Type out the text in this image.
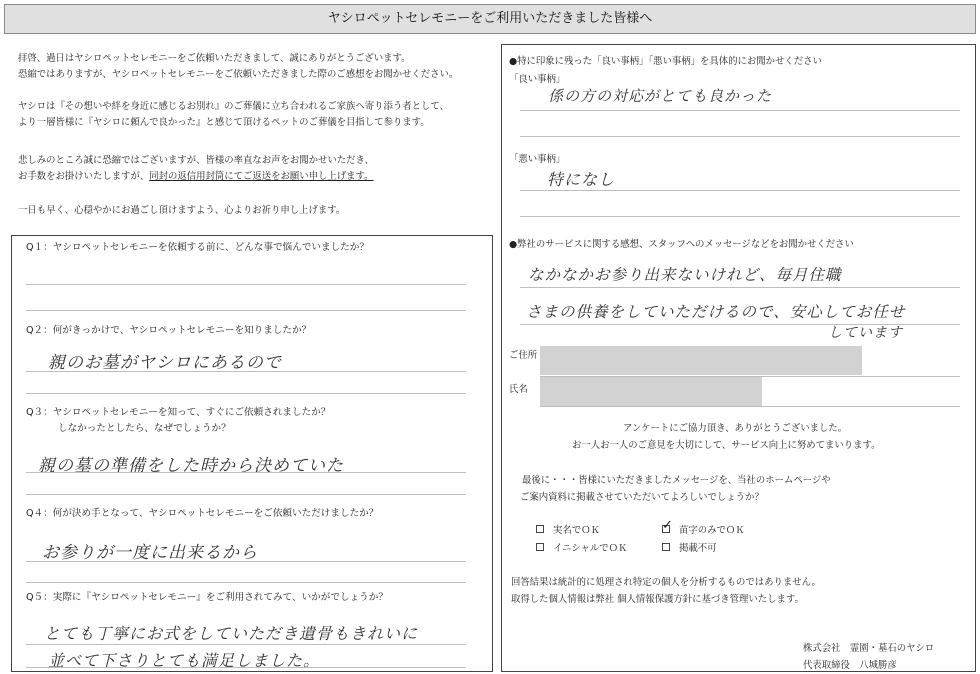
ヤシロペットセレモニーをご利用いただきました皆様へ
拝啓、過日はヤシロペットセレモニーをご依頼いただきまして、誠にありがとうございます。
恐縮ではありますが、ヤシロペットセレモニーをご依頼いただきました際のご感想をお聞かせください。
ヤシロは『その想いや絆を身近に感じるお別れ』のご葬儀に立ち合われるご家族へ寄り添う者として、
より一層皆様に『ヤシロに頼んで良かった』と感じて頂けるペットのご葬儀を目指して参ります。
悲しみのところ誠に恐縮ではございますが、皆様の率直なお声をお聞かせいただき、
お手数をお掛けいたしますが、同封の返信用封筒にてご返送をお願い申し上げます。
一日も早く、心穏やかにお過ごし頂けますよう、心よりお祈り申し上げます。
Q１：ヤシロペットセレモニーを依頼する前に、どんな事で悩んでいましたか？
Q２：何がきっかけで、ヤシロペットセレモニーを知りましたか？
親のお墓がヤシロにあるので
Q３：ヤシロペットセレモニーを知って、すぐにご依頼されましたか？
しなかったとしたら、なぜでしょうか？
親の墓の準備をした時から決めていた
Q４：何が決め手となって、ヤシロペットセレモニーをご依頼いただけましたか？
お参りが一度に出来るから
Q５：実際に『ヤシロペットセレモニー』をご利用されてみて、いかがでしょうか？
とても丁寧にお式をしていただき遺骨もきれいに
並べて下さりとても満足しました。
●特に印象に残った「良い事柄」「悪い事柄」を具体的にお聞かせください
「良い事柄」
係の方の対応がとても良かった
「悪い事柄」
特になし
●弊社のサービスに関する感想、スタッフへのメッセージなどをお聞かせください
なかなかお参り出来ないけれど、毎月住職
さまの供養をしていただけるので、安心してお任せ
しています
ご住所
氏名
アンケートにご協力頂き、ありがとうございました。
お一人お一人のご意見を大切にして、サービス向上に努めてまいります。
最後に・・・皆様にいただきましたメッセージを、当社のホームページや
ご案内資料に掲載させていただいてよろしいでしょうか？
実名でＯＫ	✓ 苗字のみでＯＫ
イニシャルでＯＫ	掲載不可
回答結果は統計的に処理され特定の個人を分析するものではありません。
取得した個人情報は弊社 個人情報保護方針に基づき管理いたします。
株式会社　霊園・墓石のヤシロ
代表取締役　八城勝彦
